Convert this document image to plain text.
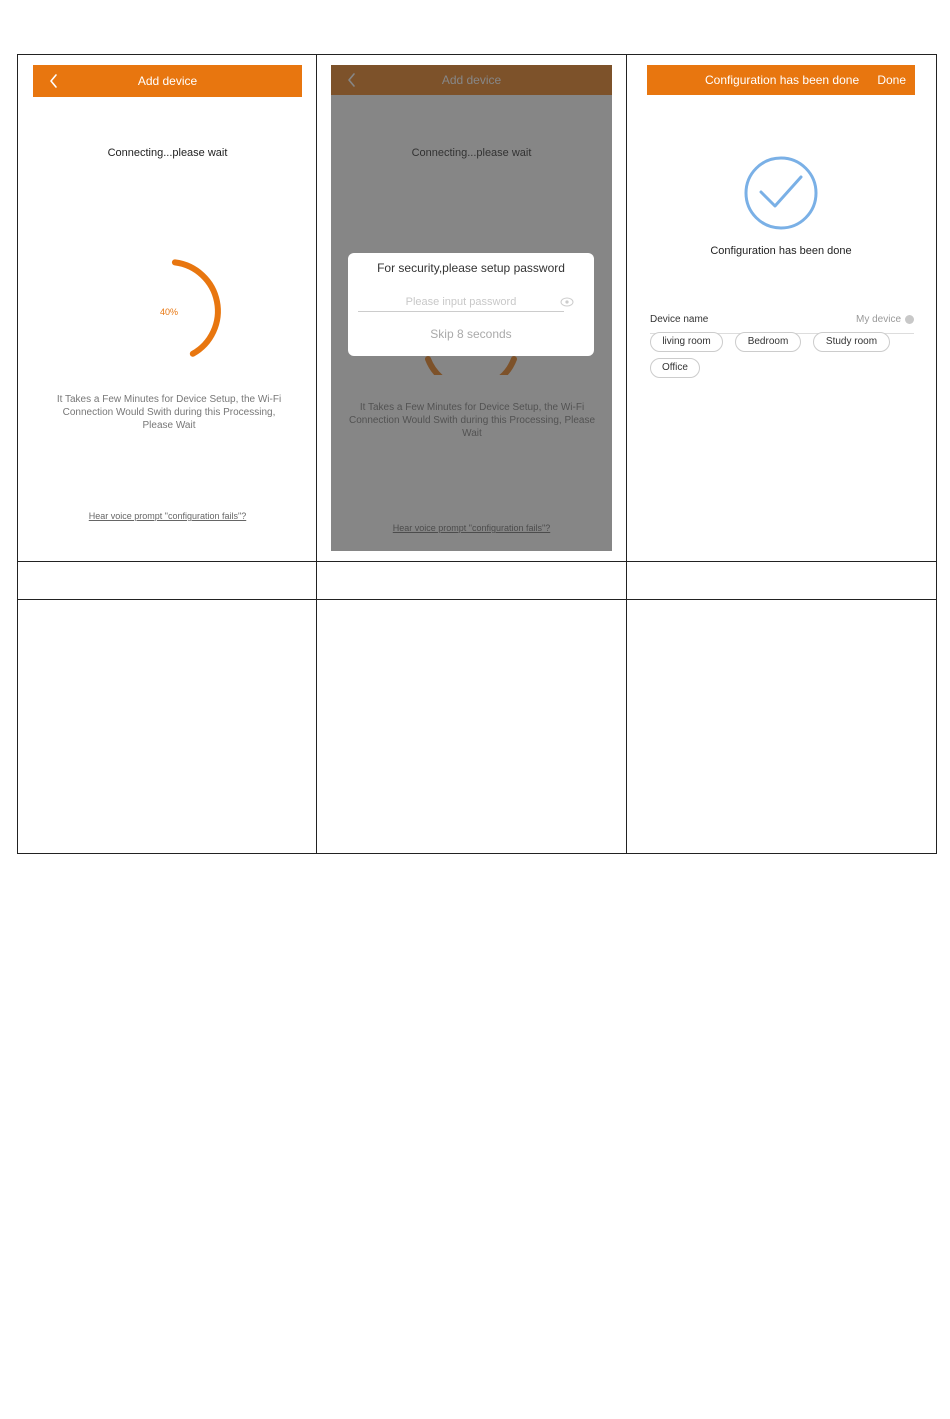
Add device
Connecting...please wait
40%
It Takes a Few Minutes for Device Setup, the Wi-Fi Connection Would Swith during this Processing, Please Wait
Hear voice prompt "configuration fails"?
For security,please setup password
Skip 8 seconds
Configuration has been done Done
Configuration has been done
Device name	My device
living room	Bedroom	Study room
Office
